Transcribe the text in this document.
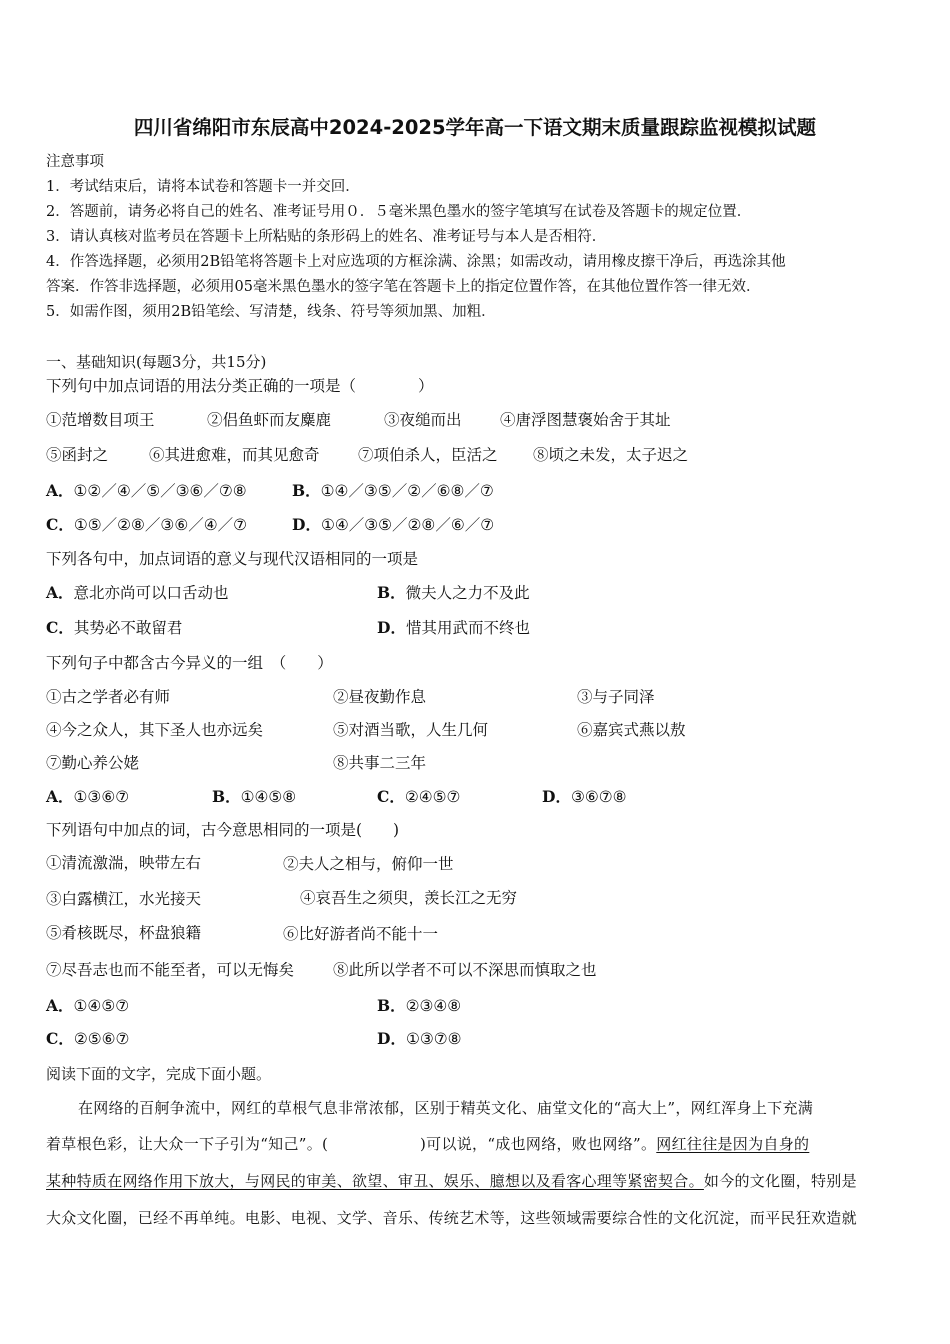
四川省绵阳市东辰高中2024-2025学年高一下语文期末质量跟踪监视模拟试题
注意事项
1．考试结束后，请将本试卷和答题卡一并交回．
2．答题前，请务必将自己的姓名、准考证号用０．５毫米黑色墨水的签字笔填写在试卷及答题卡的规定位置．
3．请认真核对监考员在答题卡上所粘贴的条形码上的姓名、准考证号与本人是否相符．
4．作答选择题，必须用2B铅笔将答题卡上对应选项的方框涂满、涂黑；如需改动，请用橡皮擦干净后，再选涂其他
答案．作答非选择题，必须用05毫米黑色墨水的签字笔在答题卡上的指定位置作答，在其他位置作答一律无效．
5．如需作图，须用2B铅笔绘、写清楚，线条、符号等须加黑、加粗．
一、基础知识(每题3分，共15分)
下列句中加点词语的用法分类正确的一项是（　　　　）
①范增数目项王	②侣鱼虾而友麋鹿	③夜缒而出 ④唐浮图慧褒始舍于其址
⑤函封之	⑥其进愈难，而其见愈奇 ⑦项伯杀人，臣活之 ⑧顷之未发，太子迟之
A．①②／④／⑤／③⑥／⑦⑧	B．①④／③⑤／②／⑥⑧／⑦
C．①⑤／②⑧／③⑥／④／⑦	D．①④／③⑤／②⑧／⑥／⑦
下列各句中，加点词语的意义与现代汉语相同的一项是
A．意北亦尚可以口舌动也	B．微夫人之力不及此
C．其势必不敢留君	D．惜其用武而不终也
下列句子中都含古今异义的一组　（　　）
①古之学者必有师	②昼夜勤作息	③与子同泽
④今之众人，其下圣人也亦远矣	⑤对酒当歌，人生几何	⑥嘉宾式燕以敖
⑦勤心养公姥	⑧共事二三年
A．①③⑥⑦	B．①④⑤⑧	C．②④⑤⑦	D．③⑥⑦⑧
下列语句中加点的词，古今意思相同的一项是(　　)
①清流激湍，映带左右	②夫人之相与，俯仰一世
③白露横江，水光接天	④哀吾生之须臾，羡长江之无穷
⑤肴核既尽，杯盘狼籍	⑥比好游者尚不能十一
⑦尽吾志也而不能至者，可以无悔矣	⑧此所以学者不可以不深思而慎取之也
A．①④⑤⑦	B．②③④⑧
C．②⑤⑥⑦	D．①③⑦⑧
阅读下面的文字，完成下面小题。
在网络的百舸争流中，网红的草根气息非常浓郁，区别于精英文化、庙堂文化的“高大上”，网红浑身上下充满
着草根色彩，让大众一下子引为“知己”。(　　　　　　)可以说，“成也网络，败也网络”。网红往往是因为自身的
某种特质在网络作用下放大，与网民的审美、欲望、审丑、娱乐、臆想以及看客心理等紧密契合。如今的文化圈，特别是
大众文化圈，已经不再单纯。电影、电视、文学、音乐、传统艺术等，这些领域需要综合性的文化沉淀，而平民狂欢造就
